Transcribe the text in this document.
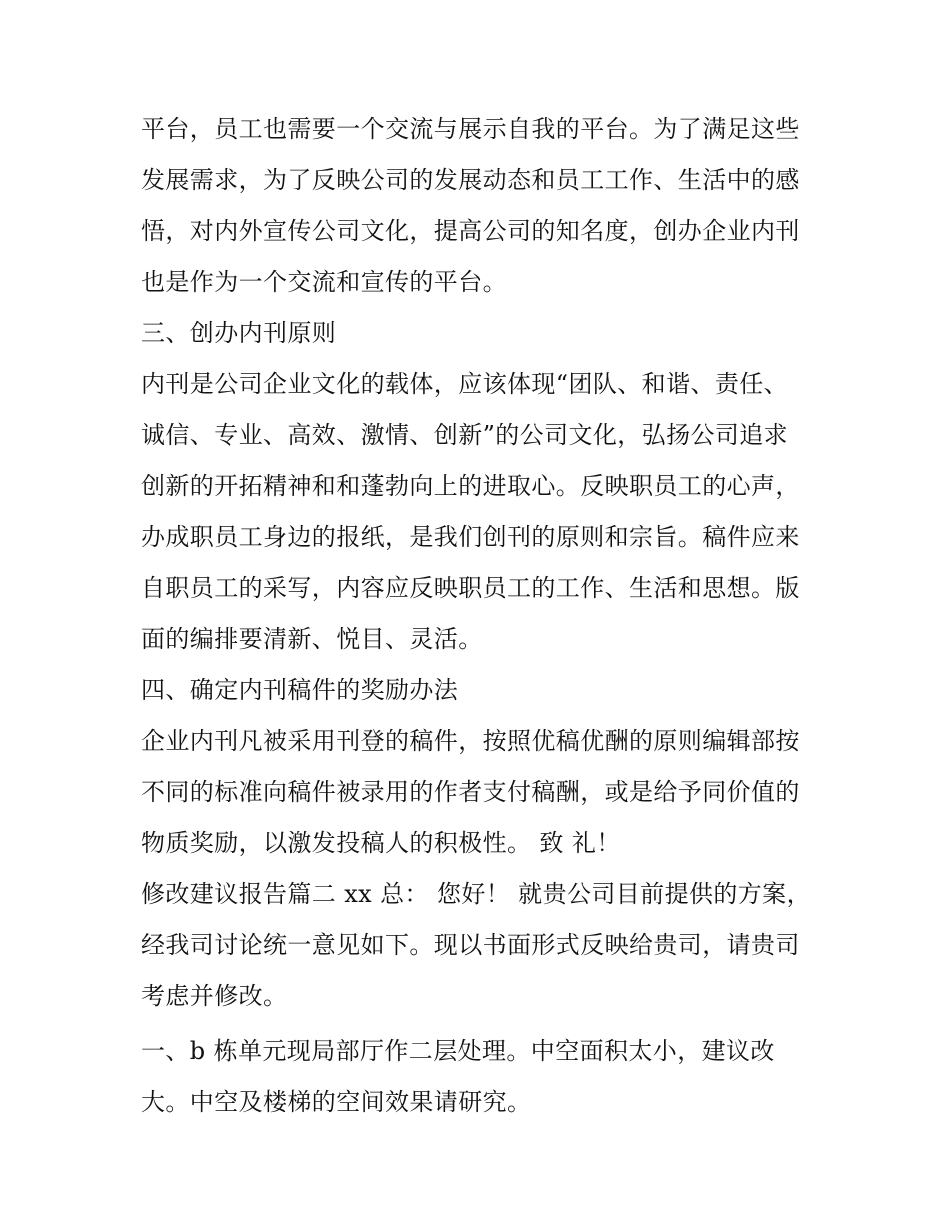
平台，员工也需要一个交流与展示自我的平台。为了满足这些
发展需求，为了反映公司的发展动态和员工工作、生活中的感
悟，对内外宣传公司文化，提高公司的知名度，创办企业内刊
也是作为一个交流和宣传的平台。
三、创办内刊原则
内刊是公司企业文化的载体，应该体现“团队、和谐、责任、
诚信、专业、高效、激情、创新”的公司文化，弘扬公司追求
创新的开拓精神和和蓬勃向上的进取心。反映职员工的心声，
办成职员工身边的报纸，是我们创刊的原则和宗旨。稿件应来
自职员工的采写，内容应反映职员工的工作、生活和思想。版
面的编排要清新、悦目、灵活。
四、确定内刊稿件的奖励办法
企业内刊凡被采用刊登的稿件，按照优稿优酬的原则编辑部按
不同的标准向稿件被录用的作者支付稿酬，或是给予同价值的
物质奖励，以激发投稿人的积极性。 致 礼！
修改建议报告篇二 xx 总： 您好！ 就贵公司目前提供的方案，
经我司讨论统一意见如下。现以书面形式反映给贵司，请贵司
考虑并修改。
一、b 栋单元现局部厅作二层处理。中空面积太小，建议改
大。中空及楼梯的空间效果请研究。
